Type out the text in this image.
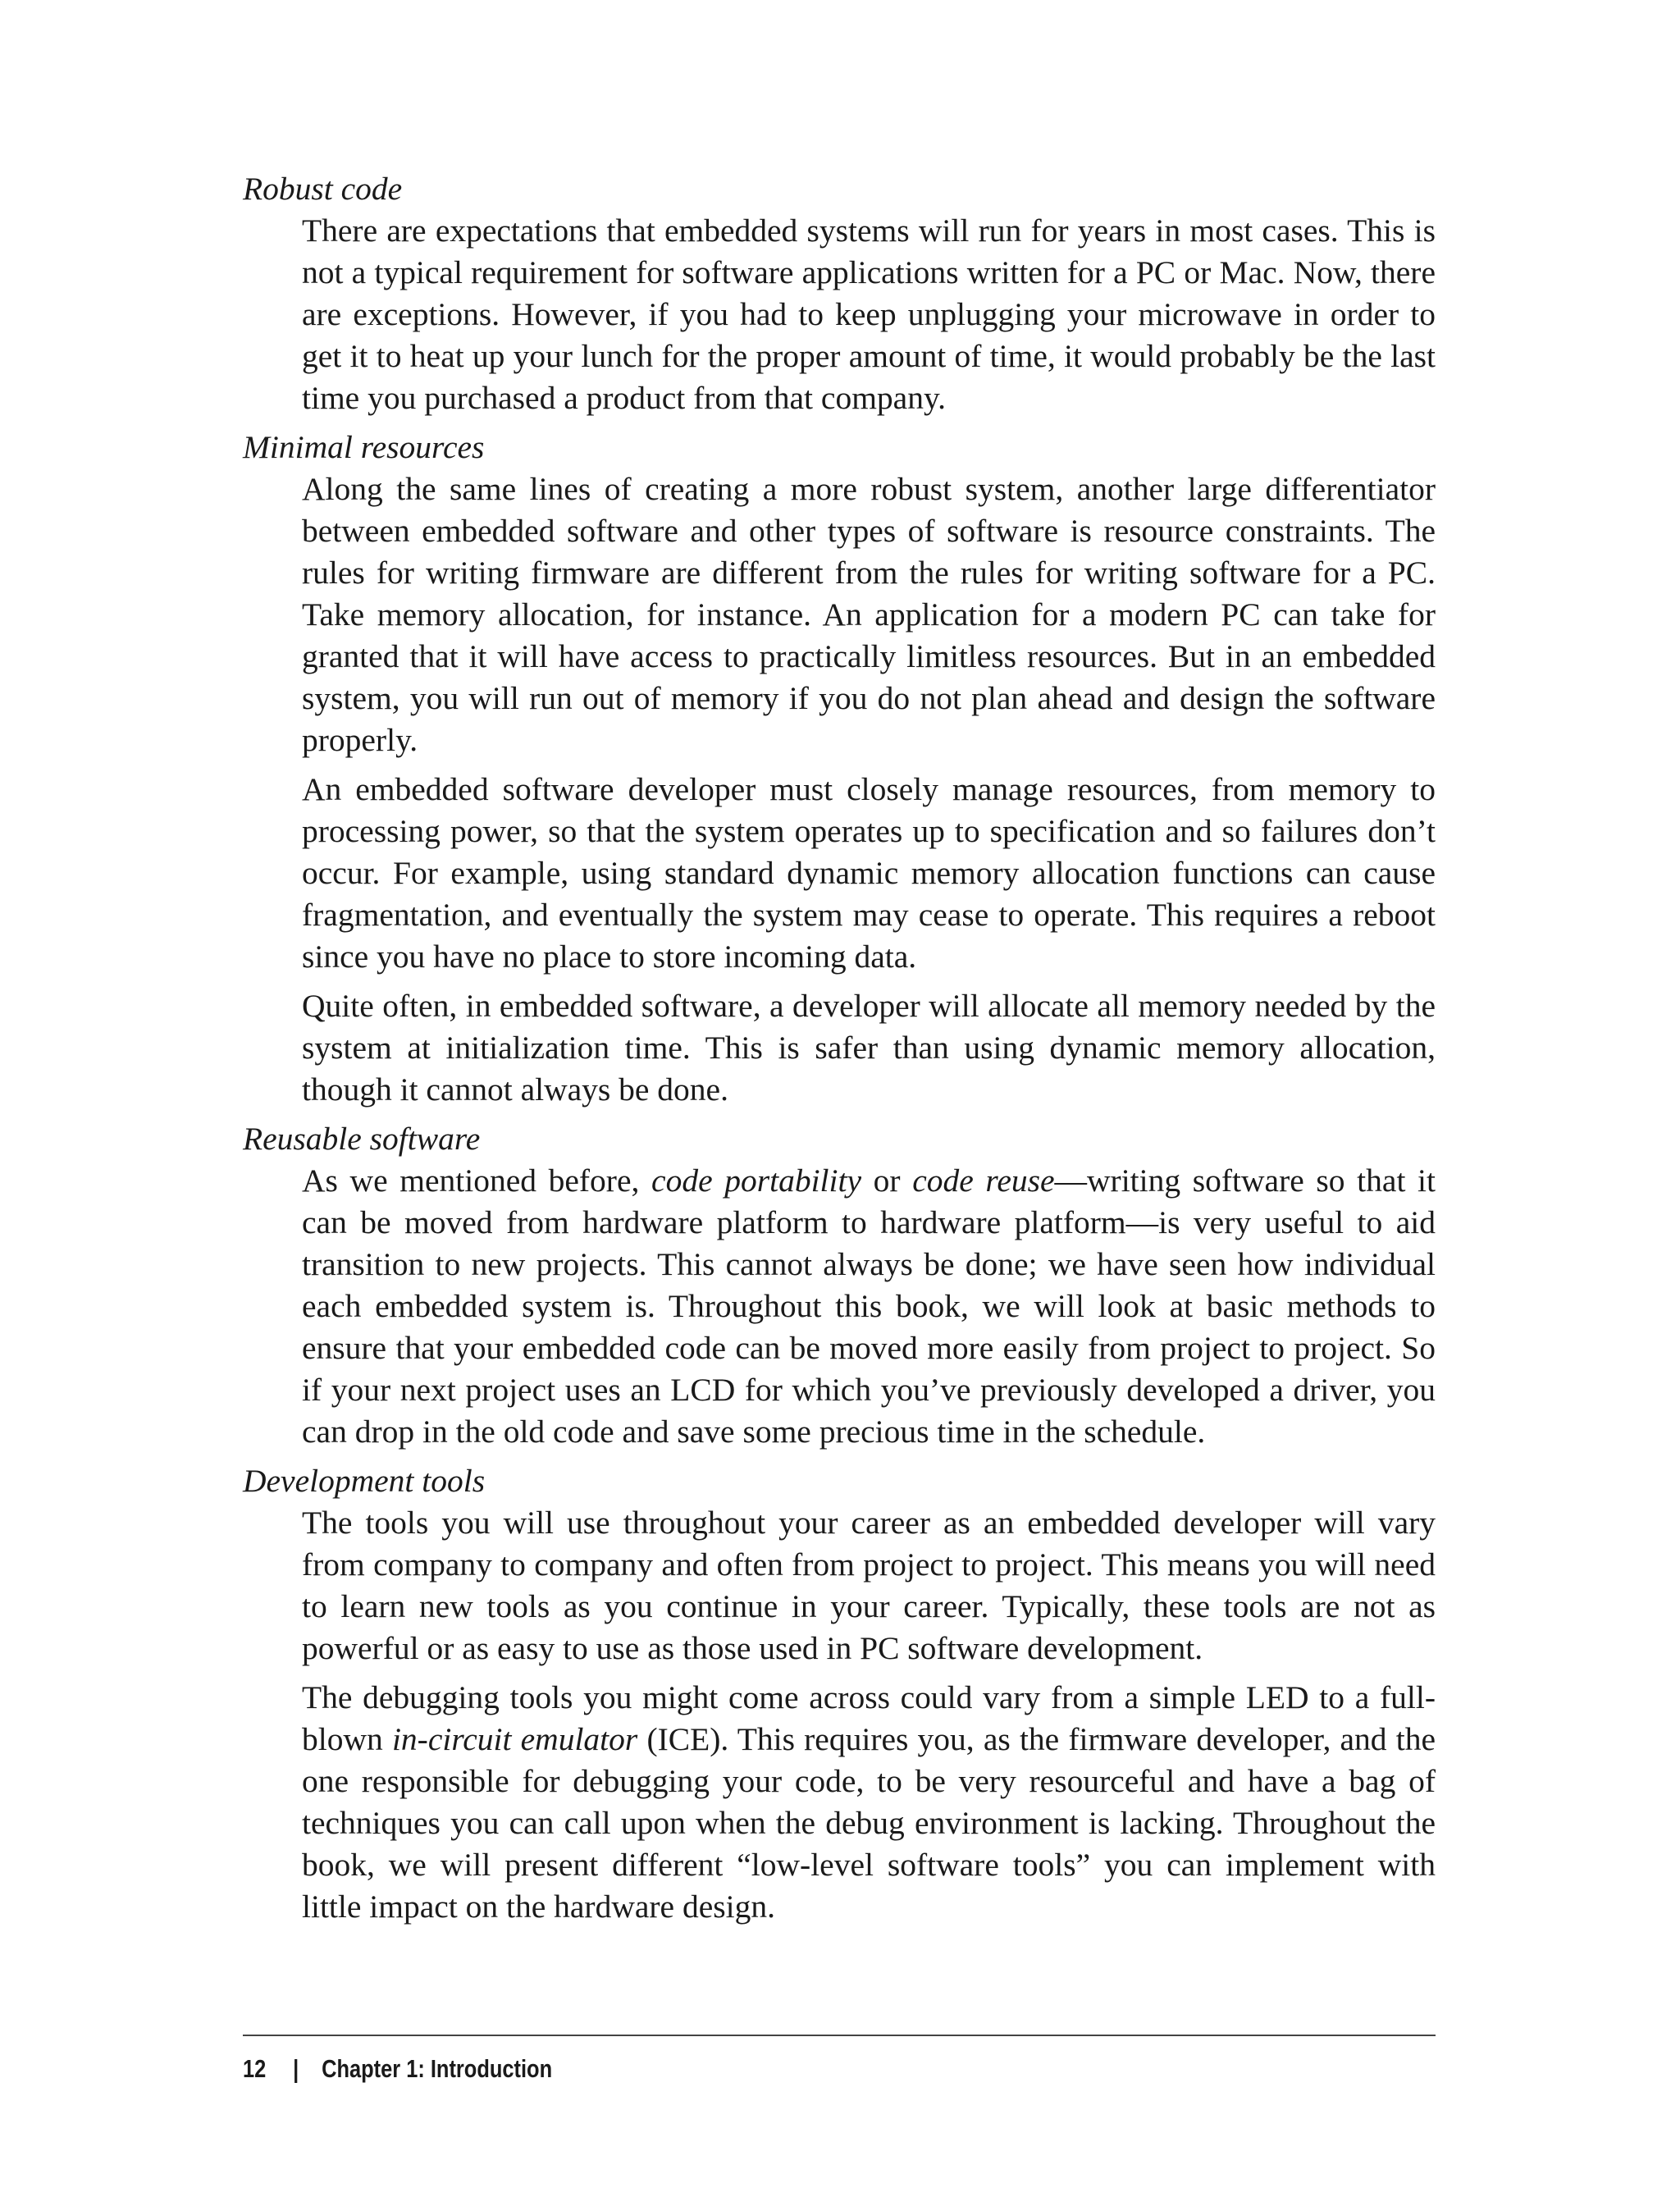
Robust code

There are expectations that embedded systems will run for years in most cases. This is not a typical requirement for software applications written for a PC or Mac. Now, there are exceptions. However, if you had to keep unplugging your microwave in order to get it to heat up your lunch for the proper amount of time, it would probably be the last time you purchased a product from that company.

Minimal resources

Along the same lines of creating a more robust system, another large differentiator between embedded software and other types of software is resource constraints. The rules for writing firmware are different from the rules for writing software for a PC. Take memory allocation, for instance. An application for a modern PC can take for granted that it will have access to practically limitless resources. But in an embedded system, you will run out of memory if you do not plan ahead and design the software properly.

An embedded software developer must closely manage resources, from memory to processing power, so that the system operates up to specification and so failures don’t occur. For example, using standard dynamic memory allocation functions can cause fragmentation, and eventually the system may cease to operate. This requires a reboot since you have no place to store incoming data.

Quite often, in embedded software, a developer will allocate all memory needed by the system at initialization time. This is safer than using dynamic memory allocation, though it cannot always be done.

Reusable software

As we mentioned before, code portability or code reuse—writing software so that it can be moved from hardware platform to hardware platform—is very useful to aid transition to new projects. This cannot always be done; we have seen how individual each embedded system is. Throughout this book, we will look at basic methods to ensure that your embedded code can be moved more easily from project to project. So if your next project uses an LCD for which you’ve previously developed a driver, you can drop in the old code and save some precious time in the schedule.

Development tools

The tools you will use throughout your career as an embedded developer will vary from company to company and often from project to project. This means you will need to learn new tools as you continue in your career. Typically, these tools are not as powerful or as easy to use as those used in PC software development.

The debugging tools you might come across could vary from a simple LED to a full-blown in-circuit emulator (ICE). This requires you, as the firmware developer, and the one responsible for debugging your code, to be very resourceful and have a bag of techniques you can call upon when the debug environment is lacking. Throughout the book, we will present different “low-level software tools” you can implement with little impact on the hardware design.

12 | Chapter 1: Introduction
